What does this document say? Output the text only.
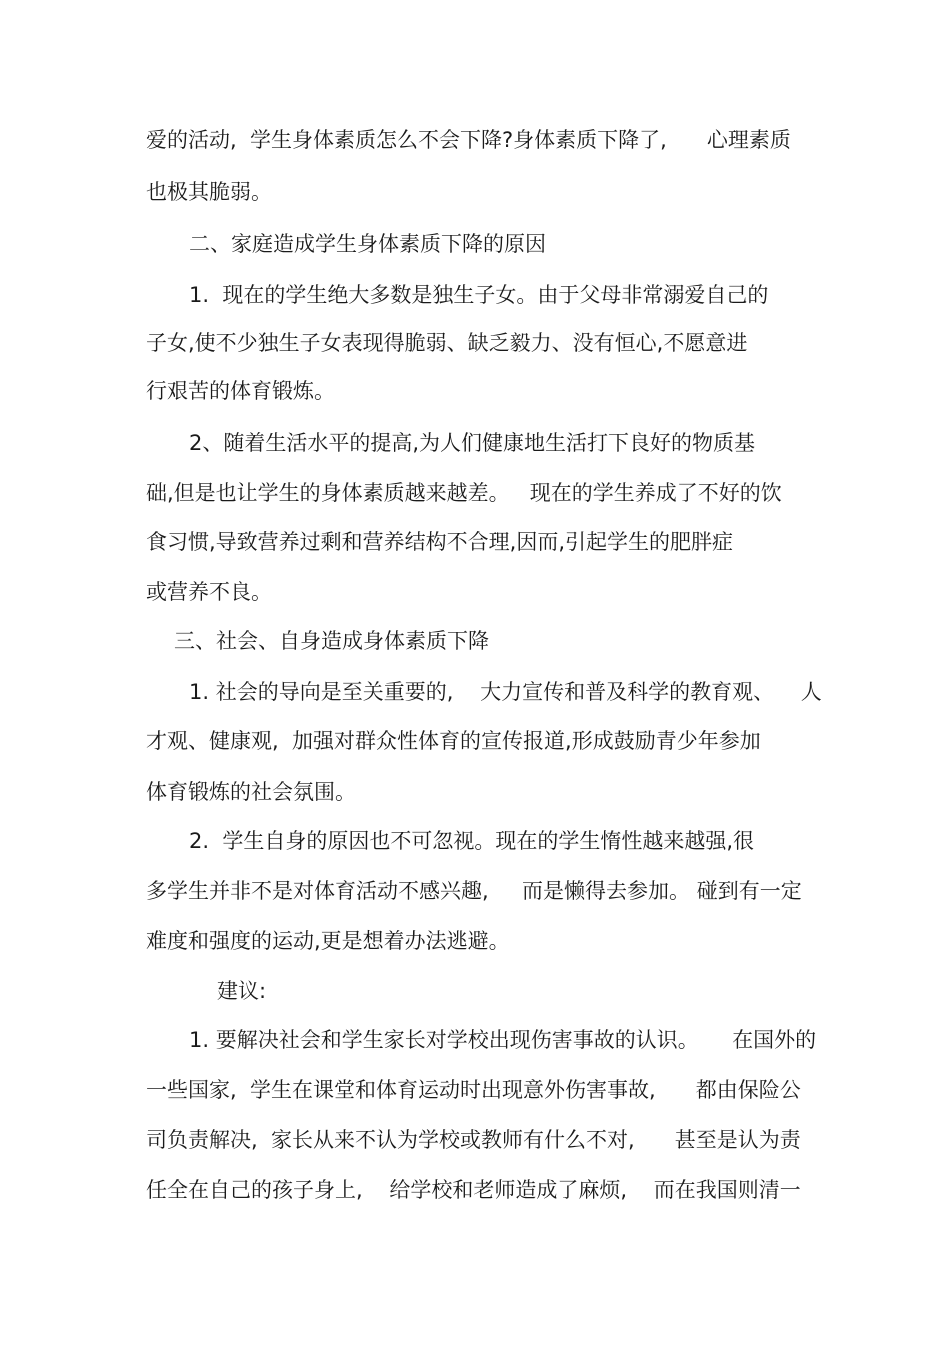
爱的活动,  学生身体素质怎么不会下降?身体素质下降了,      心理素质
也极其脆弱。
二、家庭造成学生身体素质下降的原因
1.  现在的学生绝大多数是独生子女。由于父母非常溺爱自己的
子女,使不少独生子女表现得脆弱、缺乏毅力、没有恒心,不愿意进
行艰苦的体育锻炼。
2、随着生活水平的提高,为人们健康地生活打下良好的物质基
础,但是也让学生的身体素质越来越差。   现在的学生养成了不好的饮
食习惯,导致营养过剩和营养结构不合理,因而,引起学生的肥胖症
或营养不良。
三、社会、自身造成身体素质下降
1. 社会的导向是至关重要的,    大力宣传和普及科学的教育观、    人
才观、健康观,  加强对群众性体育的宣传报道,形成鼓励青少年参加
体育锻炼的社会氛围。
2.  学生自身的原因也不可忽视。现在的学生惰性越来越强,很
多学生并非不是对体育活动不感兴趣,     而是懒得去参加。 碰到有一定
难度和强度的运动,更是想着办法逃避。
建议:
1. 要解决社会和学生家长对学校出现伤害事故的认识。     在国外的
一些国家,  学生在课堂和体育运动时出现意外伤害事故,      都由保险公
司负责解决,  家长从来不认为学校或教师有什么不对,      甚至是认为责
任全在自己的孩子身上,    给学校和老师造成了麻烦,    而在我国则清一
